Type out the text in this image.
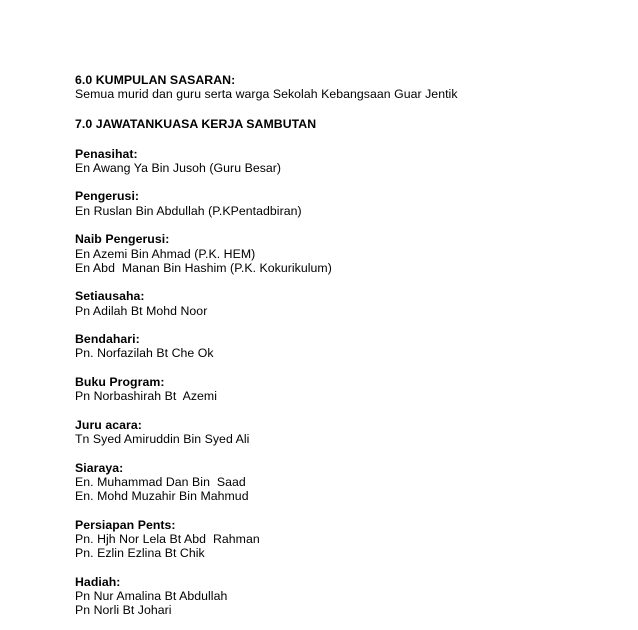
6.0 KUMPULAN SASARAN:
Semua murid dan guru serta warga Sekolah Kebangsaan Guar Jentik
7.0 JAWATANKUASA KERJA SAMBUTAN
Penasihat:
En Awang Ya Bin Jusoh (Guru Besar)
Pengerusi:
En Ruslan Bin Abdullah (P.KPentadbiran)
Naib Pengerusi:
En Azemi Bin Ahmad (P.K. HEM)
En Abd  Manan Bin Hashim (P.K. Kokurikulum)
Setiausaha:
Pn Adilah Bt Mohd Noor
Bendahari:
Pn. Norfazilah Bt Che Ok
Buku Program:
Pn Norbashirah Bt  Azemi
Juru acara:
Tn Syed Amiruddin Bin Syed Ali
Siaraya:
En. Muhammad Dan Bin  Saad
En. Mohd Muzahir Bin Mahmud
Persiapan Pents:
Pn. Hjh Nor Lela Bt Abd  Rahman
Pn. Ezlin Ezlina Bt Chik
Hadiah:
Pn Nur Amalina Bt Abdullah
Pn Norli Bt Johari
